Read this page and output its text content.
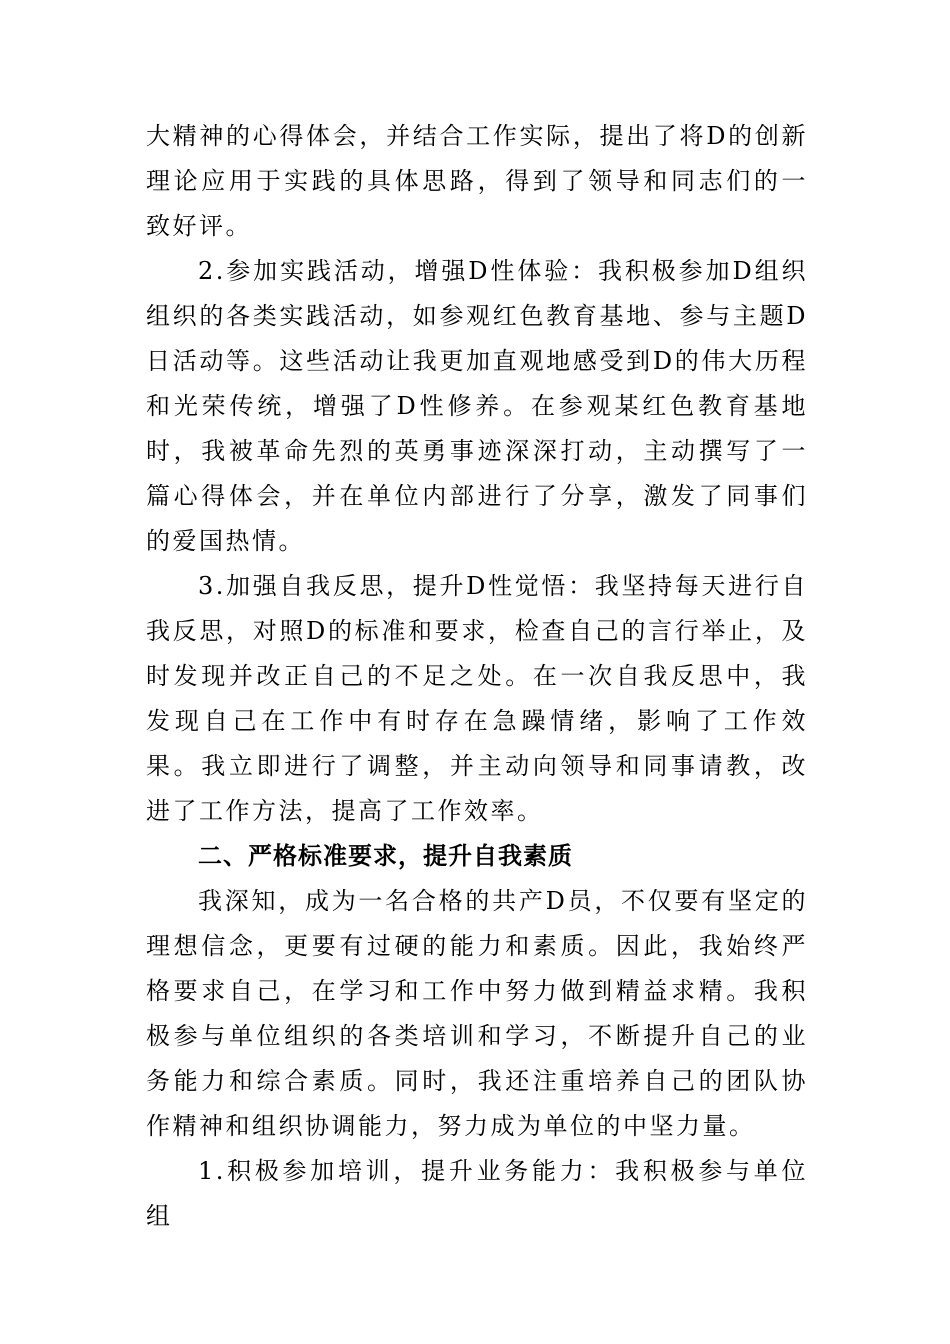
大精神的心得体会，并结合工作实际，提出了将D的创新理论应用于实践的具体思路，得到了领导和同志们的一致好评。

2.参加实践活动，增强D性体验：我积极参加D组织组织的各类实践活动，如参观红色教育基地、参与主题D日活动等。这些活动让我更加直观地感受到D的伟大历程和光荣传统，增强了D性修养。在参观某红色教育基地时，我被革命先烈的英勇事迹深深打动，主动撰写了一篇心得体会，并在单位内部进行了分享，激发了同事们的爱国热情。

3.加强自我反思，提升D性觉悟：我坚持每天进行自我反思，对照D的标准和要求，检查自己的言行举止，及时发现并改正自己的不足之处。在一次自我反思中，我发现自己在工作中有时存在急躁情绪，影响了工作效果。我立即进行了调整，并主动向领导和同事请教，改进了工作方法，提高了工作效率。

二、严格标准要求，提升自我素质

我深知，成为一名合格的共产D员，不仅要有坚定的理想信念，更要有过硬的能力和素质。因此，我始终严格要求自己，在学习和工作中努力做到精益求精。我积极参与单位组织的各类培训和学习，不断提升自己的业务能力和综合素质。同时，我还注重培养自己的团队协作精神和组织协调能力，努力成为单位的中坚力量。

1.积极参加培训，提升业务能力：我积极参与单位组
